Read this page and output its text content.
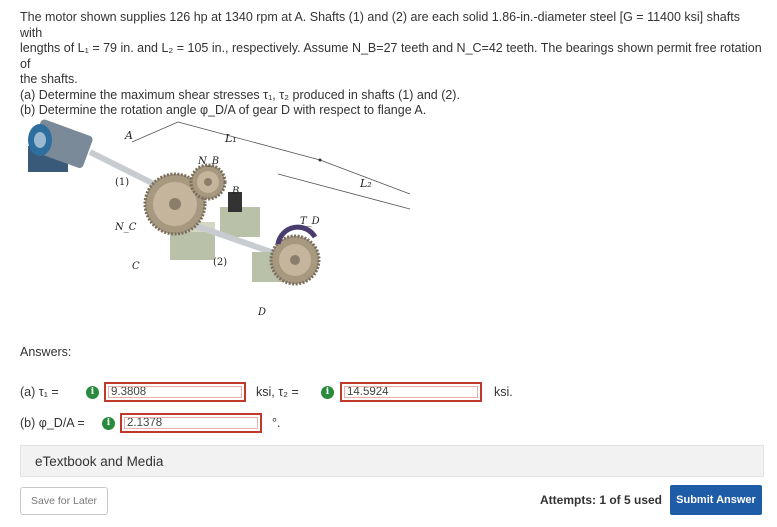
The motor shown supplies 126 hp at 1340 rpm at A. Shafts (1) and (2) are each solid 1.86-in.-diameter steel [G = 11400 ksi] shafts with

lengths of L₁ = 79 in. and L₂ = 105 in., respectively. Assume N_B=27 teeth and N_C=42 teeth. The bearings shown permit free rotation of

the shafts.

(a) Determine the maximum shear stresses τ₁, τ₂ produced in shafts (1) and (2).

(b) Determine the rotation angle φ_D/A of gear D with respect to flange A.

A	L₁
L₂
N_B
N_C
B
C
D
T_D
(1)
(2)
Answers:
(a) τ₁ =	i	9.3808	ksi, τ₂ =	i	14.5924	ksi.
(b) φ_D/A =	i	2.1378	°.
eTextbook and Media
Save for Later	Attempts: 1 of 5 used	Submit Answer
